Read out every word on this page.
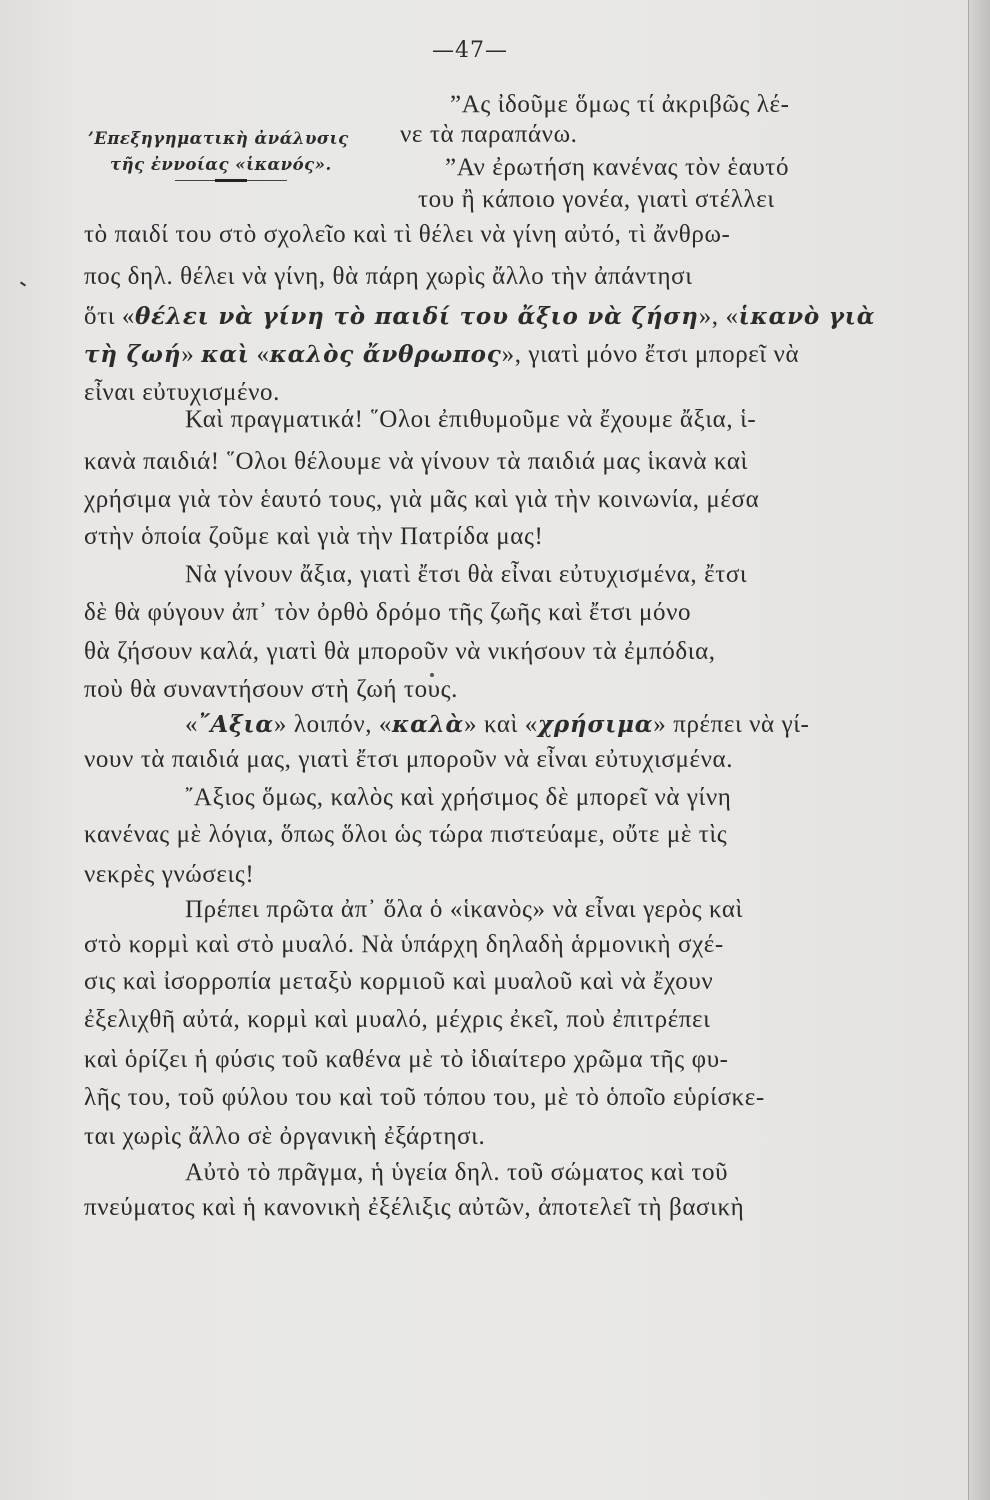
—47—
’Επεξηγηματικὴ ἀνάλυσις
τῆς ἐννοίας «ἱκανός».
”Ας ἰδοῦμε ὅμως τί ἀκριβῶς λέ-
νε τὰ παραπάνω.
”Αν ἐρωτήση κανένας τὸν ἑαυτό
του ἢ κάποιο γονέα, γιατὶ στέλλει
τὸ παιδί του στὸ σχολεῖο καὶ τὶ θέλει νὰ γίνη αὐτό, τὶ ἄνθρω-
πος δηλ. θέλει νὰ γίνη, θὰ πάρη χωρὶς ἄλλο τὴν ἀπάντησι
ὅτι «θέλει νὰ γίνη τὸ παιδί του ἄξιο νὰ ζήση», «ἱκανὸ γιὰ
τὴ ζωή» καὶ «καλὸς ἄνθρωπος», γιατὶ μόνο ἔτσι μπορεῖ νὰ
εἶναι εὐτυχισμένο.
Καὶ πραγματικά! ῞Ολοι ἐπιθυμοῦμε νὰ ἔχουμε ἄξια, ἱ-
κανὰ παιδιά! ῞Ολοι θέλουμε νὰ γίνουν τὰ παιδιά μας ἱκανὰ καὶ
χρήσιμα γιὰ τὸν ἑαυτό τους, γιὰ μᾶς καὶ γιὰ τὴν κοινωνία, μέσα
στὴν ὁποία ζοῦμε καὶ γιὰ τὴν Πατρίδα μας!
Νὰ γίνουν ἄξια, γιατὶ ἔτσι θὰ εἶναι εὐτυχισμένα, ἔτσι
δὲ θὰ φύγουν ἀπ᾿ τὸν ὀρθὸ δρόμο τῆς ζωῆς καὶ ἔτσι μόνο
θὰ ζήσουν καλά, γιατὶ θὰ μποροῦν νὰ νικήσουν τὰ ἐμπόδια,
ποὺ θὰ συναντήσουν στὴ ζωή τους.
«῎Αξια» λοιπόν, «καλὰ» καὶ «χρήσιμα» πρέπει νὰ γί-
νουν τὰ παιδιά μας, γιατὶ ἔτσι μποροῦν νὰ εἶναι εὐτυχισμένα.
῎Αξιος ὅμως, καλὸς καὶ χρήσιμος δὲ μπορεῖ νὰ γίνη
κανένας μὲ λόγια, ὅπως ὅλοι ὡς τώρα πιστεύαμε, οὔτε μὲ τὶς
νεκρὲς γνώσεις!
Πρέπει πρῶτα ἀπ᾿ ὅλα ὁ «ἱκανὸς» νὰ εἶναι γερὸς καὶ
στὸ κορμὶ καὶ στὸ μυαλό. Νὰ ὑπάρχη δηλαδὴ ἁρμονικὴ σχέ-
σις καὶ ἰσορροπία μεταξὺ κορμιοῦ καὶ μυαλοῦ καὶ νὰ ἔχουν
ἐξελιχθῆ αὐτά, κορμὶ καὶ μυαλό, μέχρις ἐκεῖ, ποὺ ἐπιτρέπει
καὶ ὁρίζει ἡ φύσις τοῦ καθένα μὲ τὸ ἰδιαίτερο χρῶμα τῆς φυ-
λῆς του, τοῦ φύλου του καὶ τοῦ τόπου του, μὲ τὸ ὁποῖο εὑρίσκε-
ται χωρὶς ἄλλο σὲ ὀργανικὴ ἐξάρτησι.
Αὐτὸ τὸ πρᾶγμα, ἡ ὑγεία δηλ. τοῦ σώματος καὶ τοῦ
πνεύματος καὶ ἡ κανονικὴ ἐξέλιξις αὐτῶν, ἀποτελεῖ τὴ βασικὴ
